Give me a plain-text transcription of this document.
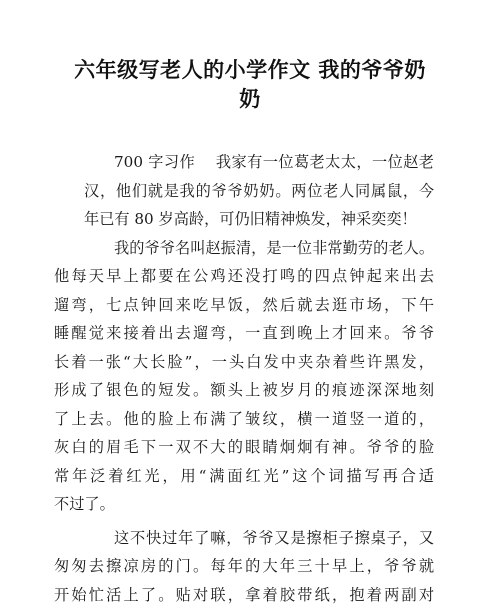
六年级写老人的小学作文 我的爷爷奶
奶
700 字习作　 我家有一位葛老太太，一位赵老
汉，他们就是我的爷爷奶奶。两位老人同属鼠，今
年已有 80 岁高龄，可仍旧精神焕发，神采奕奕！
我的爷爷名叫赵振清，是一位非常勤劳的老人。
他每天早上都要在公鸡还没打鸣的四点钟起来出去
遛弯，七点钟回来吃早饭，然后就去逛市场，下午
睡醒觉来接着出去遛弯，一直到晚上才回来。爷爷
长着一张“大长脸”，一头白发中夹杂着些许黑发，
形成了银色的短发。额头上被岁月的痕迹深深地刻
了上去。他的脸上布满了皱纹，横一道竖一道的，
灰白的眉毛下一双不大的眼睛炯炯有神。爷爷的脸
常年泛着红光，用“满面红光”这个词描写再合适
不过了。
这不快过年了嘛，爷爷又是擦柜子擦桌子，又
匆匆去擦凉房的门。每年的大年三十早上，爷爷就
开始忙活上了。贴对联，拿着胶带纸，抱着两副对
